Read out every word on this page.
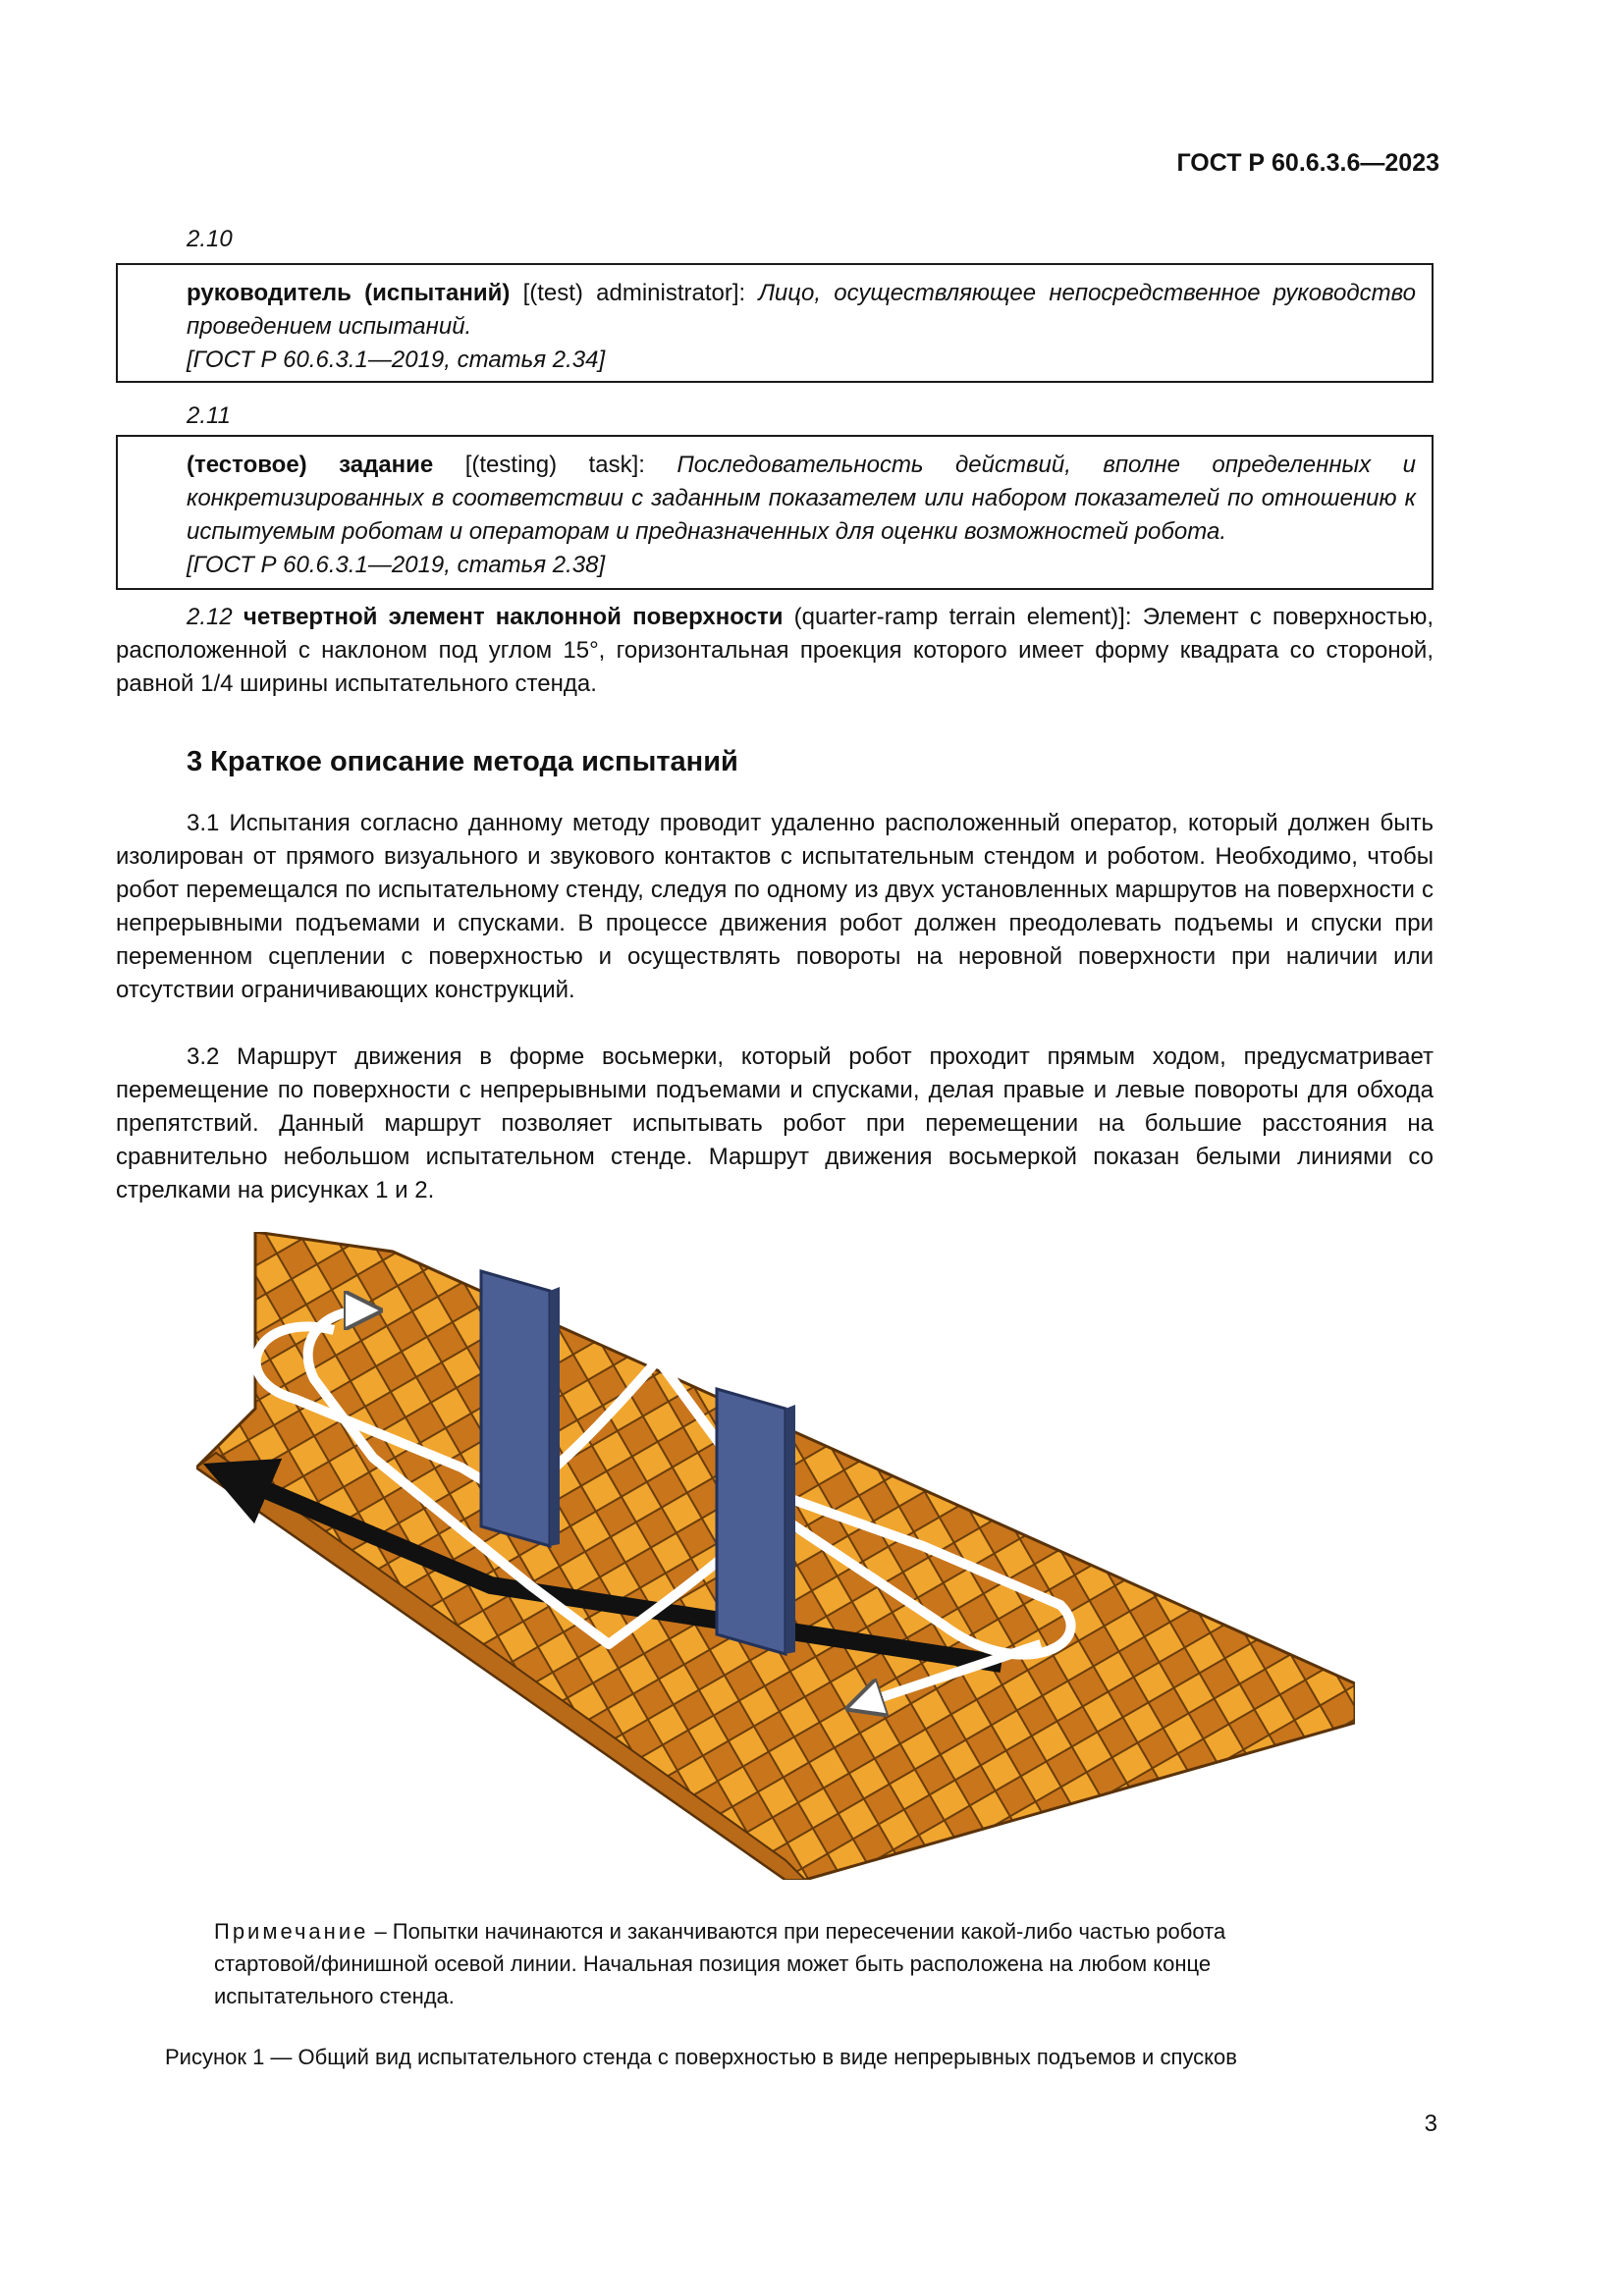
ГОСТ Р 60.6.3.6—2023
2.10
руководитель (испытаний) [(test) administrator]: Лицо, осуществляющее непосредственное руководство проведением испытаний.
[ГОСТ Р 60.6.3.1—2019, статья 2.34]
2.11
(тестовое) задание [(testing) task]: Последовательность действий, вполне определенных и конкретизированных в соответствии с заданным показателем или набором показателей по отношению к испытуемым роботам и операторам и предназначенных для оценки возможностей робота.
[ГОСТ Р 60.6.3.1—2019, статья 2.38]
2.12 четвертной элемент наклонной поверхности (quarter-ramp terrain element)]: Элемент с поверхностью, расположенной с наклоном под углом 15°, горизонтальная проекция которого имеет форму квадрата со стороной, равной 1/4 ширины испытательного стенда.
3 Краткое описание метода испытаний
3.1 Испытания согласно данному методу проводит удаленно расположенный оператор, который должен быть изолирован от прямого визуального и звукового контактов с испытательным стендом и роботом. Необходимо, чтобы робот перемещался по испытательному стенду, следуя по одному из двух установленных маршрутов на поверхности с непрерывными подъемами и спусками. В процессе движения робот должен преодолевать подъемы и спуски при переменном сцеплении с поверхностью и осуществлять повороты на неровной поверхности при наличии или отсутствии ограничивающих конструкций.
3.2 Маршрут движения в форме восьмерки, который робот проходит прямым ходом, предусматривает перемещение по поверхности с непрерывными подъемами и спусками, делая правые и левые повороты для обхода препятствий. Данный маршрут позволяет испытывать робот при перемещении на большие расстояния на сравнительно небольшом испытательном стенде. Маршрут движения восьмеркой показан белыми линиями со стрелками на рисунках 1 и 2.
Примечание – Попытки начинаются и заканчиваются при пересечении какой-либо частью робота стартовой/финишной осевой линии. Начальная позиция может быть расположена на любом конце испытательного стенда.
Рисунок 1 — Общий вид испытательного стенда с поверхностью в виде непрерывных подъемов и спусков
3
